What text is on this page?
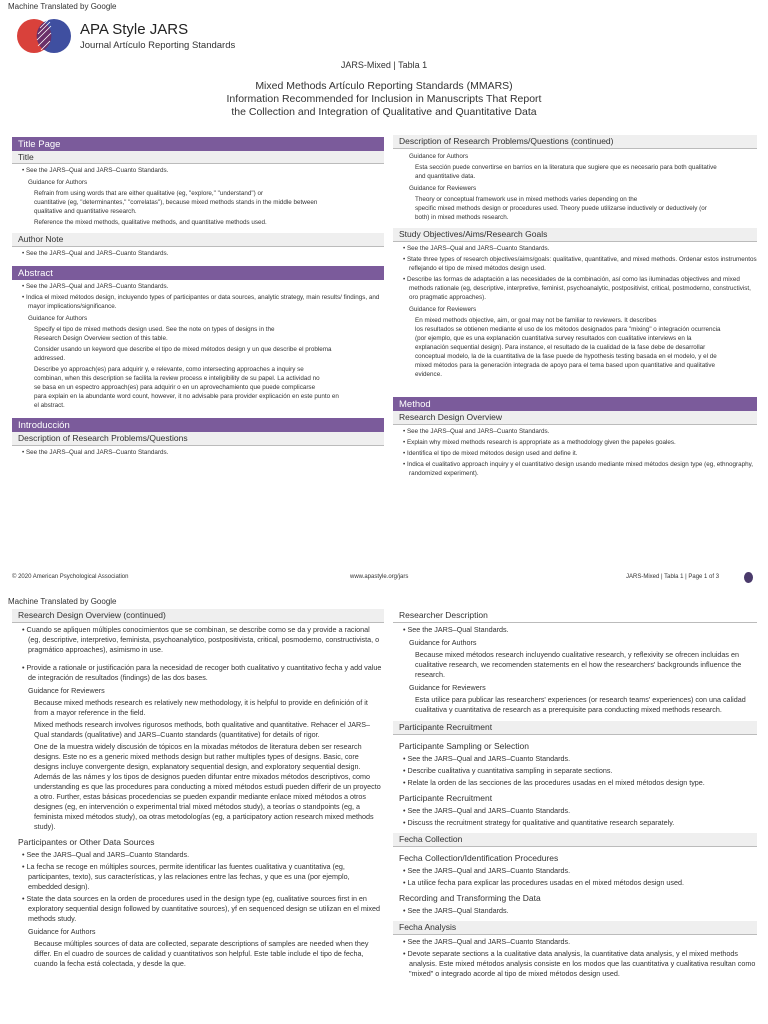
Machine Translated by Google
APA Style JARS
Journal Artículo Reporting Standards
JARS-Mixed | Tabla 1
Mixed Methods Artículo Reporting Standards (MMARS)
Information Recommended for Inclusion in Manuscripts That Report
the Collection and Integration of Qualitative and Quantitative Data
Title Page
Title
• See the JARS–Qual and JARS–Cuanto Standards.
Guidance for Authors
Refrain from using words that are either qualitative (eg, "explore," "understand") or
cuantitative (eg, "determinantes," "correlatas"), because mixed methods stands in the middle between
qualitative and quantitative research.
Reference the mixed methods, qualitative methods, and quantitative methods used.
Author Note
• See the JARS–Qual and JARS–Cuanto Standards.
Abstract
• See the JARS–Qual and JARS–Cuanto Standards.
• Indica el mixed métodos design, incluyendo types of participantes or data sources, analytic strategy, main results/ findings, and mayor implications/significance.
Guidance for Authors
Specify el tipo de mixed methods design used. See the note on types of designs in the
Research Design Overview section of this table.
Consider usando un keyword que describe el tipo de mixed métodos design y un que describe el problema
addressed.
Describe yo approach(es) para adquirir y, e relevante, como intersecting approaches a inquiry se
combinan, when this description se facilita la review process e inteligibility de su papel. La actividad no
se basa en un espectro approach(es) para adquirir o en un aprovechamiento que puede complicarse
para explain en la abundante word count, however, it no advisable para provider explicación en este punto en
el abstract.
Introducción
Description of Research Problems/Questions
• See the JARS–Qual and JARS–Cuanto Standards.
Description of Research Problems/Questions (continued)
Guidance for Authors
Esta sección puede convertirse en barrios en la literatura que sugiere que es necesario para both qualitative
and quantitative data.
Guidance for Reviewers
Theory or conceptual framework use in mixed methods varies depending on the
specific mixed methods design or procedures used. Theory puede utilizarse inductively or deductively (or
both) in mixed methods research.
Study Objectives/Aims/Research Goals
• See the JARS–Qual and JARS–Cuanto Standards.
• State three types of research objectives/aims/goals: qualitative, quantitative, and mixed methods. Ordenar estos instrumentos reflejando el tipo de mixed métodos design used.
• Describe las formas de adaptación a las necesidades de la combinación, así como las iluminadas objectives and mixed methods rationale (eg, descriptive, interpretive, feminist, psychoanalytic, postpositivist, critical, postmoderno, constructivist, oro pragmatic approaches).
Guidance for Reviewers
En mixed methods objective, aim, or goal may not be familiar to reviewers. It describes
los resultados se obtienen mediante el uso de los métodos designados para "mixing" o integración ocurrencia
(por ejemplo, que es una explanación cuantitativa survey resultados con cualitative interviews en la
explanación sequential design). Para instance, el resultado de la cualidad de la fase debe de desarrollar
conceptual modelo, la de la cuantitativa de la fase puede de hypothesis testing basada en el modelo, y el de
mixed métodos para la generación integrada de apoyo para el tema based upon quantitative and qualitative
evidence.
Method
Research Design Overview
• See the JARS–Qual and JARS–Cuanto Standards.
• Explain why mixed methods research is appropriate as a methodology given the papeles goales.
• Identifica el tipo de mixed métodos design used and define it.
• Indica el cualitativo approach inquiry y el cuantitativo design usando mediante mixed métodos design type (eg, ethnography, randomized experiment).
© 2020 American Psychological Association	www.apastyle.org/jars	JARS-Mixed | Tabla 1 | Page 1 of 3
Machine Translated by Google
Research Design Overview (continued)
• Cuando se apliquen múltiples conocimientos que se combinan, se describe como se da y provide a racional (eg, descriptive, interpretivo, feminista, psychoanalytico, postpositivista, critical, posmoderno, constructivista, o pragmático approaches), asimismo in use.
• Provide a rationale or justificación para la necesidad de recoger both cualitativo y cuantitativo fecha y add value de integración de resultados (findings) de las dos bases.
Guidance for Reviewers
Because mixed methods research es relatively new methodology, it is helpful to provide en definición of it from a mayor reference in the field.
Mixed methods research involves rigurosos methods, both qualitative and quantitative. Rehacer el JARS–Qual standards (qualitative) and JARS–Cuanto standards (quantitative) for details of rigor.
One de la muestra widely discusión de tópicos en la mixadas métodos de literatura deben ser research designs. Este no es a generic mixed methods design but rather multiples types of designs. Basic, core designs incluye convergente design, explanatory sequential design, and exploratory sequential design. Además de las námes y los tipos de designos pueden difuntar entre mixados métodos descriptivos, como understanding es que las procedures para conducting a mixed métodos estudi pueden differir de un proyecto a otro. Further, estas básicas procedencias se pueden expandir mediante enlace mixed métodos a otros designes (eg, en intervención o experimental trial mixed métodos study), a teorías o standpoints (eg, a feminista mixed métodos study), oa otras metodologías (eg, a participatory action research mixed methods study).
Participantes or Other Data Sources
• See the JARS–Qual and JARS–Cuanto Standards.
• La fecha se recoge en múltiples sources, permite identificar las fuentes cualitativa y cuantitativa (eg, participantes, texto), sus características, y las relaciones entre las fechas, y que es una (por ejemplo, embedded design).
• State the data sources en la orden de procedures used in the design type (eg, cualitative sources first in en exploratory sequential design followed by cuantitative sources), yf en sequenced design se utilizan en el mixed methods study.
Guidance for Authors
Because múltiples sources of data are collected, separate descriptions of samples are needed when they differ. En el cuadro de sources de calidad y cuantitativos son helpful. Este table include el tipo de fecha, cuando la fecha está colectada, y desde la que.
Researcher Description
• See the JARS–Qual Standards.
Guidance for Authors
Because mixed métodos research incluyendo cualitative research, y reflexivity se ofrecen incluidas en cualitative research, we recomenden statements en el how the researchers' backgrounds influence the research.
Guidance for Reviewers
Esta utilice para publicar las researchers' experiences (or research teams' experiences) con una calidad cualitativa y cuantitativa de research as a prerequisite para conducting mixed methods research.
Participante Recruitment
Participante Sampling or Selection
• See the JARS–Qual and JARS–Cuanto Standards.
• Describe cualitativa y cuantitativa sampling in separate sections.
• Relate la orden de las secciones de las procedures usadas en el mixed métodos design type.
Participante Recruitment
• See the JARS–Qual and JARS–Cuanto Standards.
• Discuss the recruitment strategy for qualitative and quantitative research separately.
Fecha Collection
Fecha Collection/Identification Procedures
• See the JARS–Qual and JARS–Cuanto Standards.
• La utilice fecha para explicar las procedures usadas en el mixed métodos design used.
Recording and Transforming the Data
• See the JARS–Qual Standards.
Fecha Analysis
• See the JARS–Qual and JARS–Cuanto Standards.
• Devote separate sections a la cualitative data analysis, la cuantitative data analysis, y el mixed methods analysis. Este mixed métodos analysis consiste en los modos que las cuantitativa y cualitativa resultan como "mixed" o integrado acorde al tipo de mixed métodos design used.
